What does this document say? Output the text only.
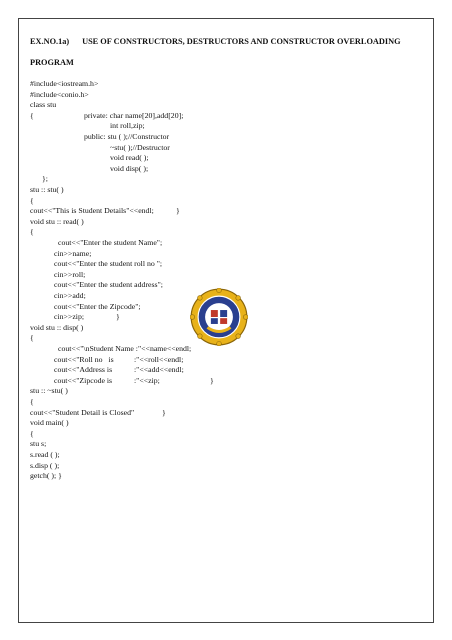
EX.NO.1a) USE OF CONSTRUCTORS, DESTRUCTORS AND CONSTRUCTOR OVERLOADING
PROGRAM
#include<iostream.h>
#include<conio.h>
class stu
{	private: char name[20],add[20];
int roll,zip;
public: stu ( );//Constructor
~stu( );//Destructor
void read( );
void disp( );
};
stu :: stu( )
{
cout<<"This is Student Details"<<endl;	}
void stu :: read( )
{
cout<<"Enter the student Name";
cin>>name;
cout<<"Enter the student roll no ";
cin>>roll;
cout<<"Enter the student address";
cin>>add;
cout<<"Enter the Zipcode";
cin>>zip;	}
void stu :: disp( )
{
cout<<"\nStudent Name :"<<name<<endl;
cout<<"Roll no   is	:"<<roll<<endl;
cout<<"Address is	:"<<add<<endl;
cout<<"Zipcode is	:"<<zip;	}
stu :: ~stu( )
{
cout<<"Student Detail is Closed"	}
void main( )
{
stu s;
s.read ( );
s.disp ( );
getch( ); }
